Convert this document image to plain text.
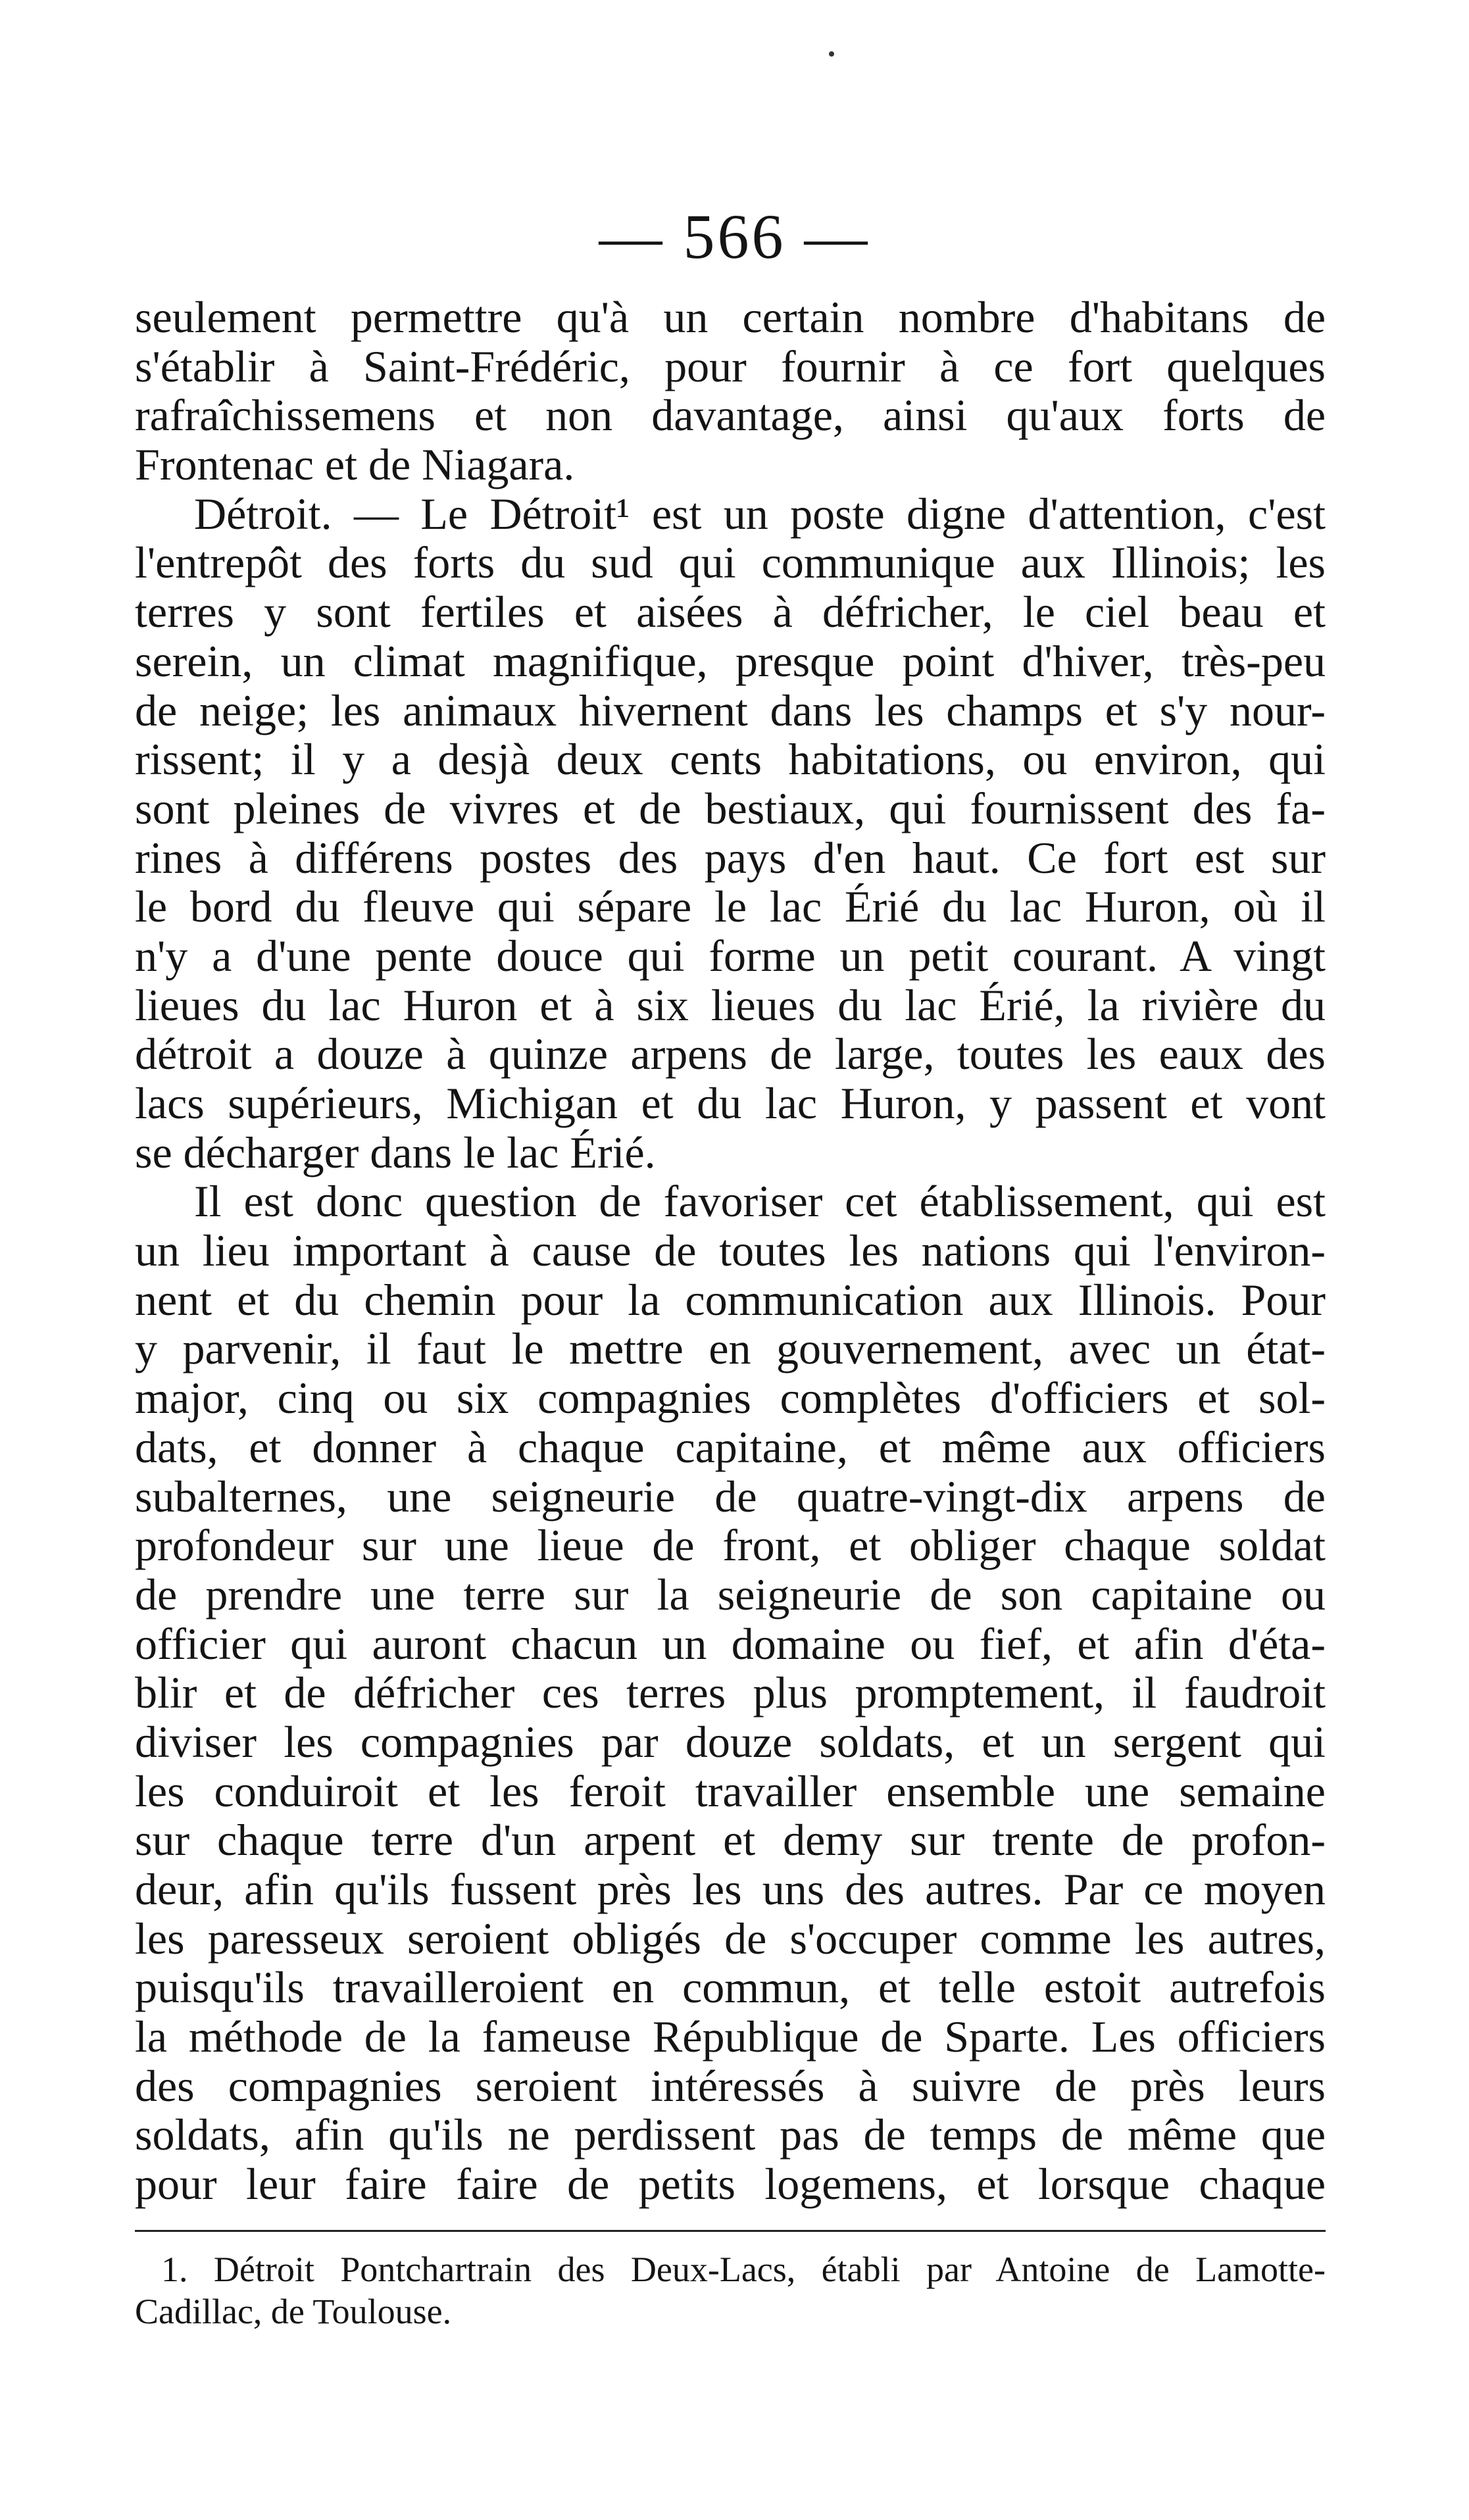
— 566 —
seulement permettre qu'à un certain nombre d'habitans de
s'établir à Saint-Frédéric, pour fournir à ce fort quelques
rafraîchissemens et non davantage, ainsi qu'aux forts de
Frontenac et de Niagara.
Détroit. — Le Détroit¹ est un poste digne d'attention, c'est
l'entrepôt des forts du sud qui communique aux Illinois; les
terres y sont fertiles et aisées à défricher, le ciel beau et
serein, un climat magnifique, presque point d'hiver, très-peu
de neige; les animaux hivernent dans les champs et s'y nour-
rissent; il y a desjà deux cents habitations, ou environ, qui
sont pleines de vivres et de bestiaux, qui fournissent des fa-
rines à différens postes des pays d'en haut. Ce fort est sur
le bord du fleuve qui sépare le lac Érié du lac Huron, où il
n'y a d'une pente douce qui forme un petit courant. A vingt
lieues du lac Huron et à six lieues du lac Érié, la rivière du
détroit a douze à quinze arpens de large, toutes les eaux des
lacs supérieurs, Michigan et du lac Huron, y passent et vont
se décharger dans le lac Érié.
Il est donc question de favoriser cet établissement, qui est
un lieu important à cause de toutes les nations qui l'environ-
nent et du chemin pour la communication aux Illinois. Pour
y parvenir, il faut le mettre en gouvernement, avec un état-
major, cinq ou six compagnies complètes d'officiers et sol-
dats, et donner à chaque capitaine, et même aux officiers
subalternes, une seigneurie de quatre-vingt-dix arpens de
profondeur sur une lieue de front, et obliger chaque soldat
de prendre une terre sur la seigneurie de son capitaine ou
officier qui auront chacun un domaine ou fief, et afin d'éta-
blir et de défricher ces terres plus promptement, il faudroit
diviser les compagnies par douze soldats, et un sergent qui
les conduiroit et les feroit travailler ensemble une semaine
sur chaque terre d'un arpent et demy sur trente de profon-
deur, afin qu'ils fussent près les uns des autres. Par ce moyen
les paresseux seroient obligés de s'occuper comme les autres,
puisqu'ils travailleroient en commun, et telle estoit autrefois
la méthode de la fameuse République de Sparte. Les officiers
des compagnies seroient intéressés à suivre de près leurs
soldats, afin qu'ils ne perdissent pas de temps de même que
pour leur faire faire de petits logemens, et lorsque chaque
1. Détroit Pontchartrain des Deux-Lacs, établi par Antoine de Lamotte-
Cadillac, de Toulouse.
